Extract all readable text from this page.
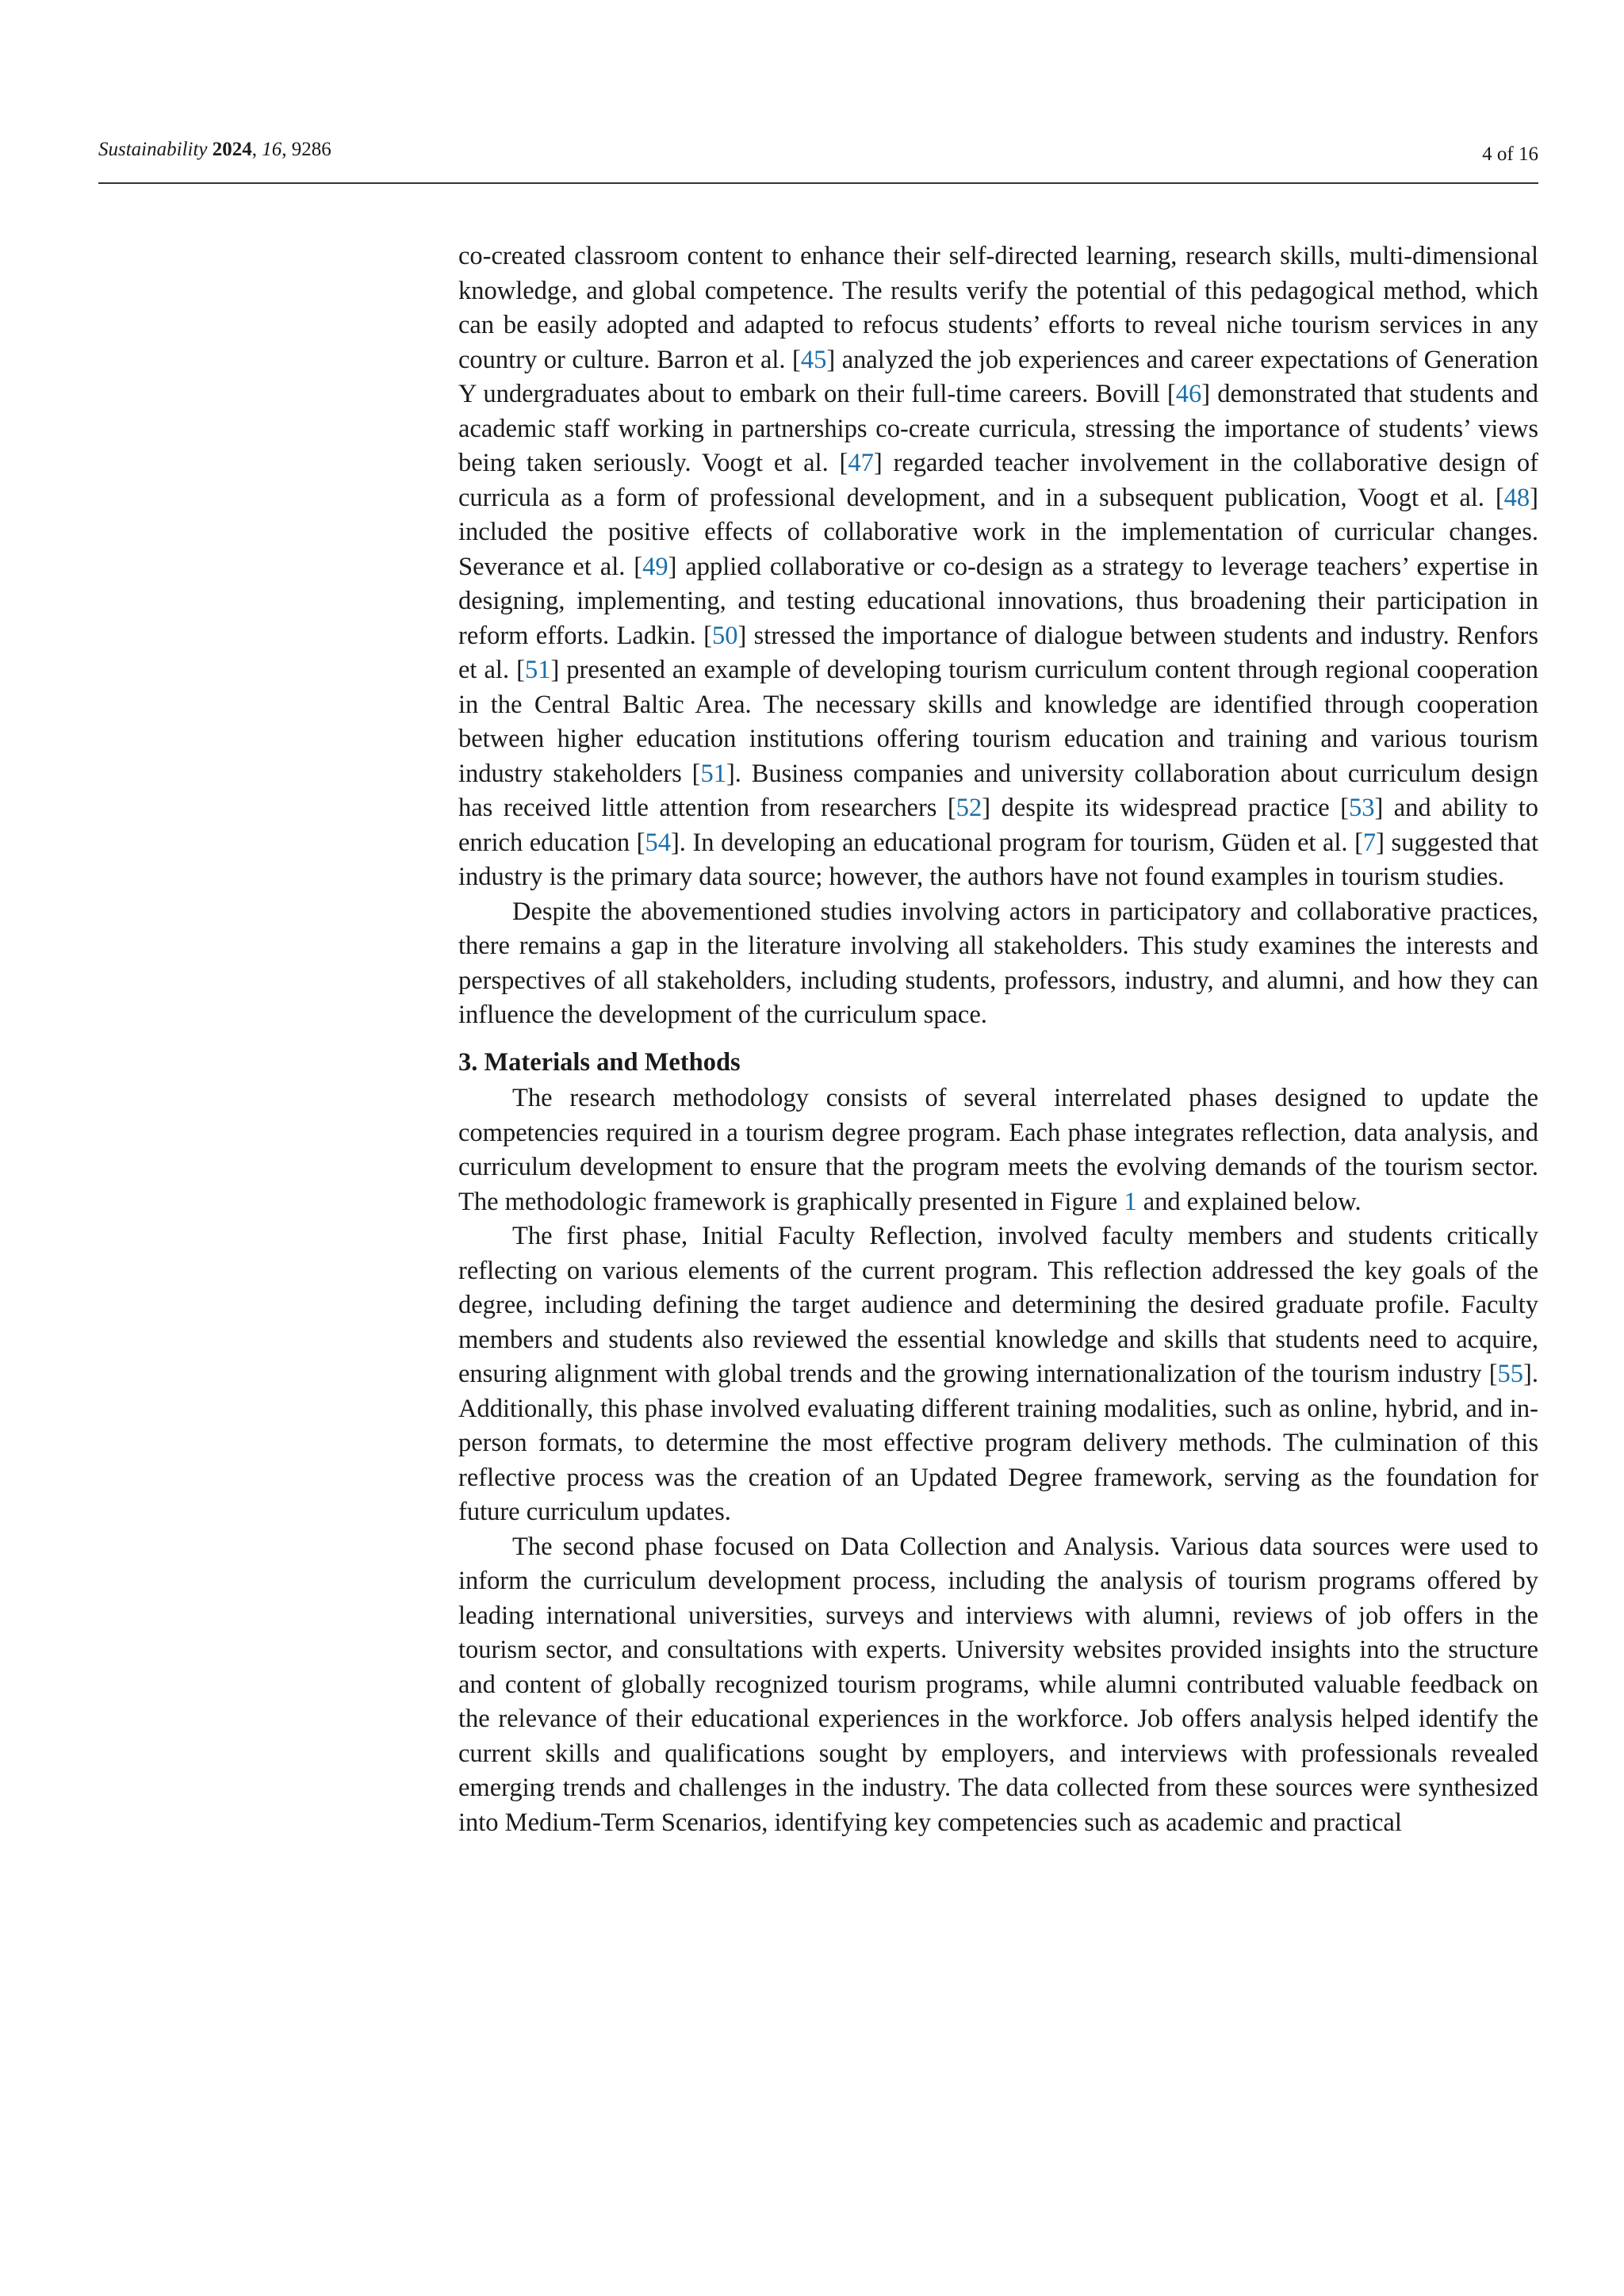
Sustainability 2024, 16, 9286	4 of 16

co-created classroom content to enhance their self-directed learning, research skills, multi-dimensional knowledge, and global competence. The results verify the potential of this pedagogical method, which can be easily adopted and adapted to refocus students’ efforts to reveal niche tourism services in any country or culture. Barron et al. [45] analyzed the job experiences and career expectations of Generation Y undergraduates about to embark on their full-time careers. Bovill [46] demonstrated that students and academic staff working in partnerships co-create curricula, stressing the importance of students’ views being taken seriously. Voogt et al. [47] regarded teacher involvement in the collaborative design of curricula as a form of professional development, and in a subsequent publication, Voogt et al. [48] included the positive effects of collaborative work in the implementation of curricular changes. Severance et al. [49] applied collaborative or co-design as a strategy to leverage teachers’ expertise in designing, implementing, and testing educational innovations, thus broadening their participation in reform efforts. Ladkin. [50] stressed the importance of dialogue between students and industry. Renfors et al. [51] presented an example of developing tourism curriculum content through regional cooperation in the Central Baltic Area. The necessary skills and knowledge are identified through cooperation between higher education institutions offering tourism education and training and various tourism industry stakeholders [51]. Business companies and university collaboration about curriculum design has received little attention from researchers [52] despite its widespread practice [53] and ability to enrich education [54]. In developing an educational program for tourism, Güden et al. [7] suggested that industry is the primary data source; however, the authors have not found examples in tourism studies.

Despite the abovementioned studies involving actors in participatory and collaborative practices, there remains a gap in the literature involving all stakeholders. This study examines the interests and perspectives of all stakeholders, including students, professors, industry, and alumni, and how they can influence the development of the curriculum space.

3. Materials and Methods

The research methodology consists of several interrelated phases designed to update the competencies required in a tourism degree program. Each phase integrates reflection, data analysis, and curriculum development to ensure that the program meets the evolving demands of the tourism sector. The methodologic framework is graphically presented in Figure 1 and explained below.

The first phase, Initial Faculty Reflection, involved faculty members and students critically reflecting on various elements of the current program. This reflection addressed the key goals of the degree, including defining the target audience and determining the desired graduate profile. Faculty members and students also reviewed the essential knowledge and skills that students need to acquire, ensuring alignment with global trends and the growing internationalization of the tourism industry [55]. Additionally, this phase involved evaluating different training modalities, such as online, hybrid, and in-person formats, to determine the most effective program delivery methods. The culmination of this reflective process was the creation of an Updated Degree framework, serving as the foundation for future curriculum updates.

The second phase focused on Data Collection and Analysis. Various data sources were used to inform the curriculum development process, including the analysis of tourism programs offered by leading international universities, surveys and interviews with alumni, reviews of job offers in the tourism sector, and consultations with experts. University websites provided insights into the structure and content of globally recognized tourism programs, while alumni contributed valuable feedback on the relevance of their educational experiences in the workforce. Job offers analysis helped identify the current skills and qualifications sought by employers, and interviews with professionals revealed emerging trends and challenges in the industry. The data collected from these sources were synthesized into Medium-Term Scenarios, identifying key competencies such as academic and practical
